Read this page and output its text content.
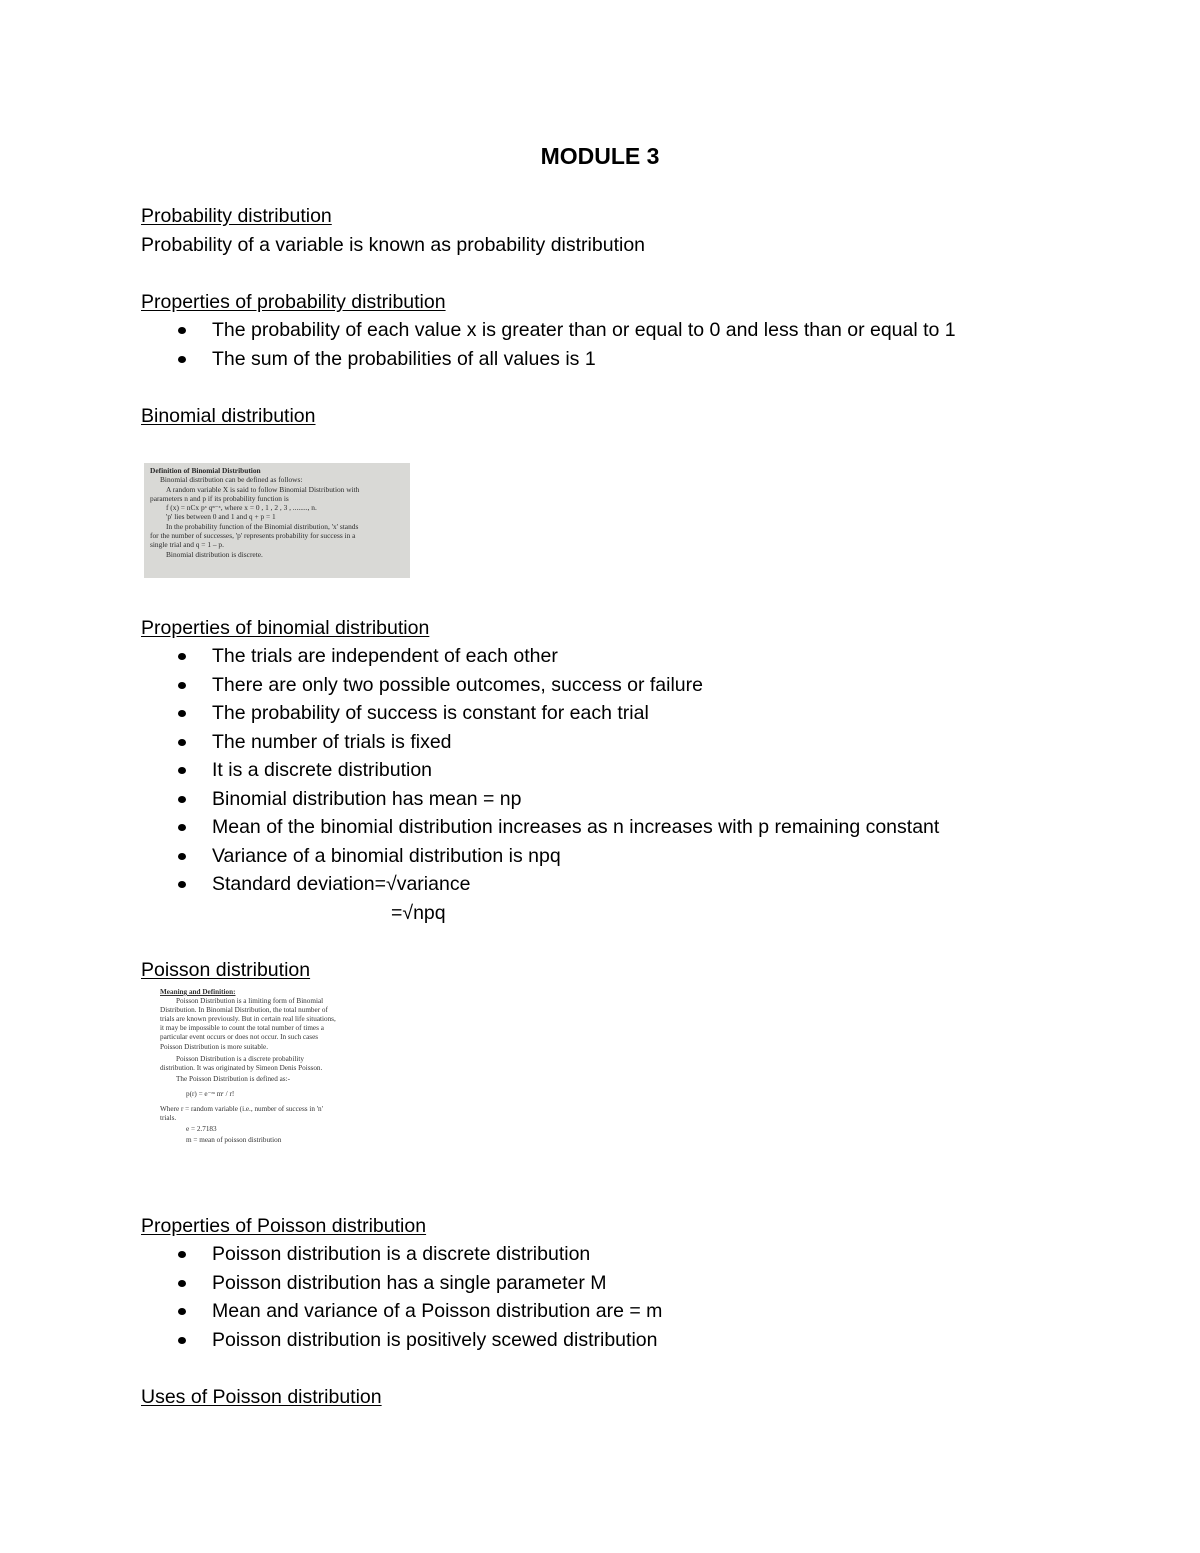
MODULE 3
Probability distribution
Probability of a variable is known as probability distribution
Properties of probability distribution
The probability of each value x is greater than or equal to 0 and less than or equal to 1
The sum of the probabilities of all values is 1
Binomial distribution
Definition of Binomial Distribution
Binomial distribution can be defined as follows:
A random variable X is said to follow Binomial Distribution with
parameters n and p if its probability function is
f (x) = nCx pˣ qⁿ⁻ˣ, where x = 0 , 1 , 2 , 3 , ........, n.
'p' lies between 0 and 1 and q + p = 1
In the probability function of the Binomial distribution, 'x' stands
for the number of successes, 'p' represents probability for success in a
single trial and q = 1 – p.
Binomial distribution is discrete.
Properties of binomial distribution
The trials are independent of each other
There are only two possible outcomes, success or failure
The probability of success is constant for each trial
The number of trials is fixed
It is a discrete distribution
Binomial distribution has mean = np
Mean of the binomial distribution increases as n increases with p remaining constant
Variance of a binomial distribution is npq
Standard deviation=√variance
=√npq
Poisson distribution
Meaning and Definition:
Poisson Distribution is a limiting form of Binomial
Distribution. In Binomial Distribution, the total number of
trials are known previously. But in certain real life situations,
it may be impossible to count the total number of times a
particular event occurs or does not occur. In such cases
Poisson Distribution is more suitable.
Poisson Distribution is a discrete probability
distribution. It was originated by Simeon Denis Poisson.
The Poisson Distribution is defined as:-
p(r) = e⁻ᵐ mʳ / r!
Where r = random variable (i.e., number of success in 'n'
trials.
e = 2.7183
m = mean of poisson distribution
Properties of Poisson distribution
Poisson distribution is a discrete distribution
Poisson distribution has a single parameter M
Mean and variance of a Poisson distribution are = m
Poisson distribution is positively scewed distribution
Uses of Poisson distribution
